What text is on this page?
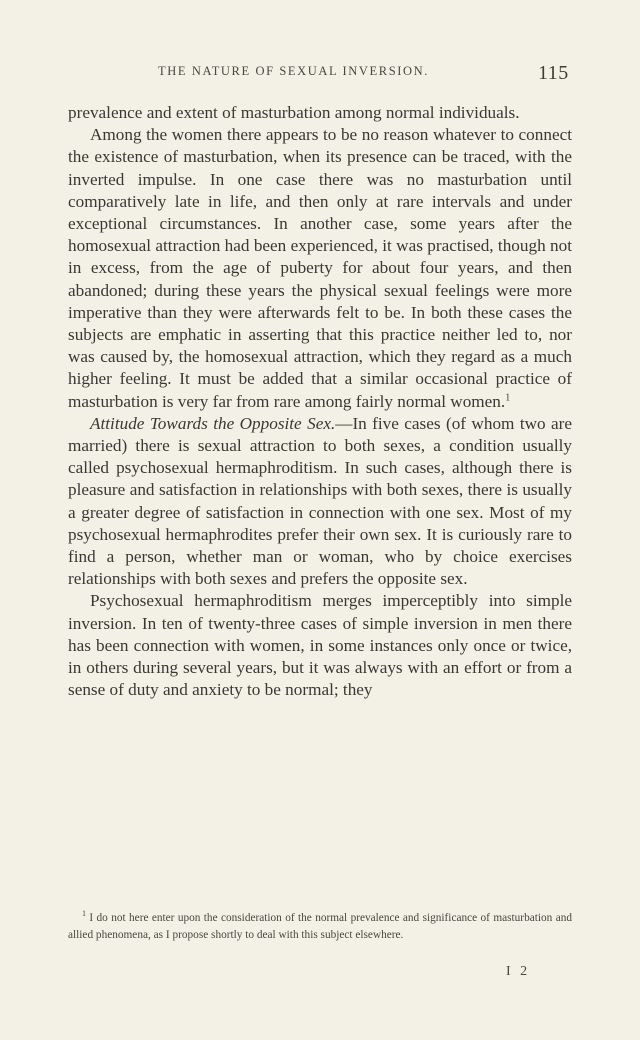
THE NATURE OF SEXUAL INVERSION.	115

prevalence and extent of masturbation among normal individuals.

Among the women there appears to be no reason whatever to connect the existence of masturbation, when its presence can be traced, with the inverted impulse. In one case there was no masturbation until comparatively late in life, and then only at rare intervals and under exceptional circumstances. In another case, some years after the homosexual attraction had been experienced, it was practised, though not in excess, from the age of puberty for about four years, and then abandoned; during these years the physical sexual feelings were more imperative than they were afterwards felt to be. In both these cases the subjects are emphatic in asserting that this practice neither led to, nor was caused by, the homosexual attraction, which they regard as a much higher feeling. It must be added that a similar occasional practice of masturbation is very far from rare among fairly normal women.$^1$

Attitude Towards the Opposite Sex.—In five cases (of whom two are married) there is sexual attraction to both sexes, a condition usually called psychosexual hermaphroditism. In such cases, although there is pleasure and satisfaction in relationships with both sexes, there is usually a greater degree of satisfaction in connection with one sex. Most of my psychosexual hermaphrodites prefer their own sex. It is curiously rare to find a person, whether man or woman, who by choice exercises relationships with both sexes and prefers the opposite sex.

Psychosexual hermaphroditism merges imperceptibly into simple inversion. In ten of twenty-three cases of simple inversion in men there has been connection with women, in some instances only once or twice, in others during several years, but it was always with an effort or from a sense of duty and anxiety to be normal; they

$^1$ I do not here enter upon the consideration of the normal prevalence and significance of masturbation and allied phenomena, as I propose shortly to deal with this subject elsewhere.

I 2
